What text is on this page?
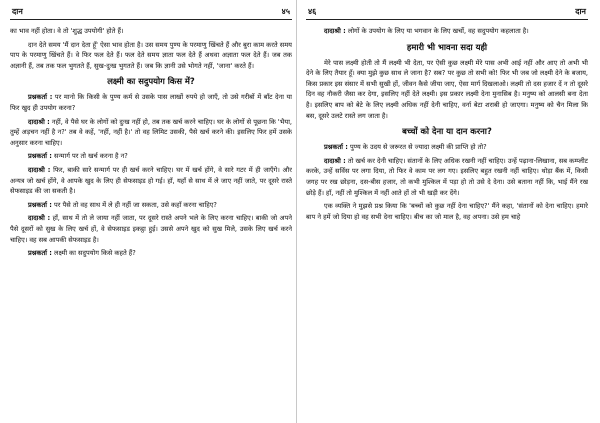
दान	४५

का भाव नहीं होता। वे तो 'शुद्ध उपयोगी' होते हैं।

दान देते समय 'मैं दान देता हूँ' ऐसा भाव होता है। उस समय पुण्य के परमाणु खिंचते हैं और बुरा काम करते समय पाप के परमाणु खिंचते हैं। वे फिर फल देते हैं। फल देते समय ज्ञाता फल देते हैं अथवा अज्ञाता फल देते हैं। जब तक अज्ञानी हैं, तब तक फल भुगतते हैं, सुख-दुःख भुगतते हैं। जब कि ज्ञानी उसे भोगते नहीं, 'जाना' करते हैं।

लक्ष्मी का सदुपयोग किस में?

प्रश्नकर्ता : पर मानो कि किसी के पुण्य कर्म से उसके पास लाखों रुपये हो जाएँ, तो उसे गरीबों में बाँट देना या फिर खुद ही उपयोग करना?

दादाश्री : नहीं, वे पैसे घर के लोगों को दुःख नहीं हो, तब तक खर्च करने चाहिए। घर के लोगों से पूछना कि 'भैया, तुम्हें अड़चन नहीं है न?' तब वे कहें, 'नहीं, नहीं है।' तो वह लिमिट उसकी, पैसे खर्च करने की। इसलिए फिर हमें उसके अनुसार करना चाहिए।

प्रश्नकर्ता : सन्मार्ग पर तो खर्च करना है न?

दादाश्री : फिर, बाकी सारे सन्मार्ग पर ही खर्च करने चाहिए। घर में खर्च होंगे, वे सारे गटर में ही जाएँगे। और अन्यत्र जो खर्च होंगे, वे आपके खुद के लिए ही सेफसाइड हो गई। हाँ, यहाँ से साथ में ले जाए नहीं जाते, पर दूसरे रास्ते सेफसाइड की जा सकती है।

प्रश्नकर्ता : पर पैसे तो वह साथ में ले ही नहीं जा सकता, उसे कहाँ करना चाहिए?

दादाश्री : हाँ, साथ में तो ले जाया नहीं जाता, पर दूसरे रास्ते अपने भले के लिए करना चाहिए। बाकी जो अपने पैसे दूसरों को सुख के लिए खर्च हों, वे सेफसाइड इकट्ठा हुई। उससे अपने खुद को सुख मिले, उसके लिए खर्च करने चाहिए। वह सब आपकी सेफसाइड है।

प्रश्नकर्ता : लक्ष्मी का सदुपयोग किसे कहते हैं?

४६	दान

दादाश्री : लोगों के उपयोग के लिए या भगवान के लिए खर्चो, वह सदुपयोग कहलाता है।

हमारी भी भावना सदा यही

मेरे पास लक्ष्मी होती तो मैं लक्ष्मी भी देता, पर ऐसी कुछ लक्ष्मी मेरे पास अभी आई नहीं और आए तो अभी भी देने के लिए तैयार हूँ। क्या मुझे कुछ साथ ले जाना है? सब? पर कुछ तो सभी को! फिर भी जब जो लक्ष्मी देने के बजाय, किस प्रकार इस संसार में सभी सुखी हों, जीवन कैसे जीया जाए, ऐसा मार्ग दिखलाओ। लक्ष्मी तो दस हजार दें न तो दूसरे दिन वह नौकरी जैसा कर देगा, इसलिए नहीं देते लक्ष्मी। इस प्रकार लक्ष्मी देना मुनासिब है। मनुष्य को आलसी बना देता है। इसलिए बाप को बेटे के लिए लक्ष्मी अधिक नहीं देनी चाहिए, वर्ना बेटा शराबी हो जाएगा। मनुष्य को चैन मिला कि बस, दूसरे उलटे रास्ते लग जाता है।

बच्चों को देना या दान करना?

प्रश्नकर्ता : पुण्य के उदय से जरूरत से ज्यादा लक्ष्मी की प्राप्ति हो तो?

दादाश्री : तो खर्च कर देनी चाहिए। संतानों के लिए अधिक रखनी नहीं चाहिए। उन्हें पढ़ाना-लिखाना, सब कम्प्लीट करके, उन्हें सर्विस पर लगा दिया, तो फिर वे काम पर लग गए। इसलिए बहुत रखनी नहीं चाहिए। थोड़ा बैंक में, किसी जगह पर रख छोड़ना, दस-बीस हजार, तो कभी मुश्किल में पड़ा हो तो उसे दे देना। उसे बताना नहीं कि, भाई मैंने रख छोड़े हैं। हाँ, नहीं तो मुश्किल में नहीं आते हों तो भी खड़ी कर देंगे।

एक व्यक्ति ने मुझसे प्रश्न किया कि 'बच्चों को कुछ नहीं देना चाहिए?' मैंने कहा, 'संतानों को देना चाहिए। हमारे बाप ने हमें जो दिया हो वह सभी देना चाहिए। बीच का जो माल है, वह अपना। उसे हम चाहे
